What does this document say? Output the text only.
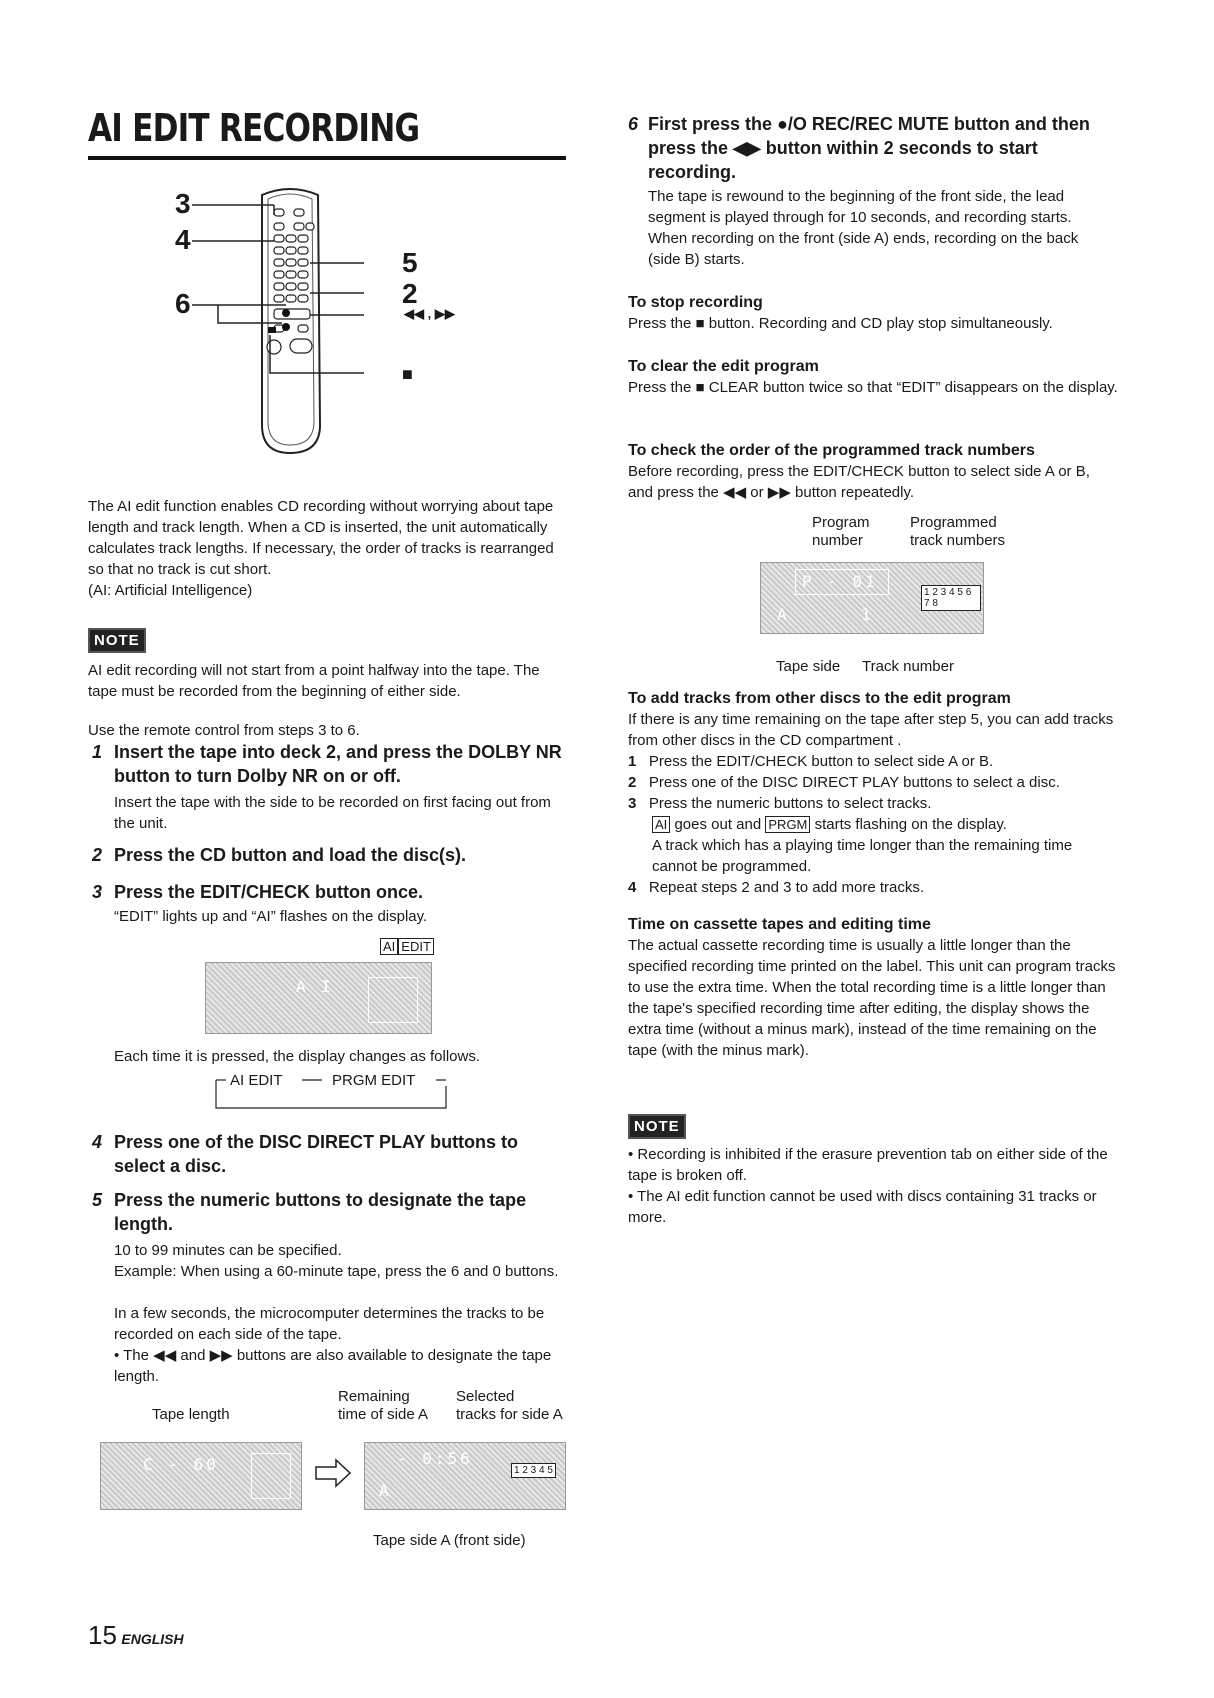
AI EDIT RECORDING
3
4
5
6	2
◀◀ , ▶▶
■
The AI edit function enables CD recording without worrying about tape length and track length. When a CD is inserted, the unit automatically calculates track lengths. If necessary, the order of tracks is rearranged so that no track is cut short.
(AI: Artificial Intelligence)
NOTE
AI edit recording will not start from a point halfway into the tape. The tape must be recorded from the beginning of either side.
Use the remote control from steps 3 to 6.
1 Insert the tape into deck 2, and press the DOLBY NR button to turn Dolby NR on or off.
Insert the tape with the side to be recorded on first facing out from the unit.
2 Press the CD button and load the disc(s).
3 Press the EDIT/CHECK button once.
“EDIT” lights up and “AI” flashes on the display.
AI EDIT
A I
Each time it is pressed, the display changes as follows.
AI EDIT	PRGM EDIT
4 Press one of the DISC DIRECT PLAY buttons to select a disc.
5 Press the numeric buttons to designate the tape length.
10 to 99 minutes can be specified.
Example: When using a 60-minute tape, press the 6 and 0 buttons.
In a few seconds, the microcomputer determines the tracks to be recorded on each side of the tape.
• The ◀◀ and ▶▶ buttons are also available to designate the tape length.
Tape length
Remaining
time of side A
Selected
tracks for side A
C - 60	- 0:56
A
1 2 3 4 5
Tape side A (front side)
6 First press the ●/O REC/REC MUTE button and then press the ◀▶ button within 2 seconds to start recording.
The tape is rewound to the beginning of the front side, the lead segment is played through for 10 seconds, and recording starts. When recording on the front (side A) ends, recording on the back (side B) starts.
To stop recording
Press the ■ button. Recording and CD play stop simultaneously.
To clear the edit program
Press the ■ CLEAR button twice so that “EDIT” disappears on the display.
To check the order of the programmed track numbers
Before recording, press the EDIT/CHECK button to select side A or B, and press the ◀◀ or ▶▶ button repeatedly.
Program
number
Programmed
track numbers
P - 01
A	1
1 2 3 4 5 6 7 8
Tape side Track number
To add tracks from other discs to the edit program
If there is any time remaining on the tape after step 5, you can add tracks from other discs in the CD compartment .
1 Press the EDIT/CHECK button to select side A or B.
2 Press one of the DISC DIRECT PLAY buttons to select a disc.
3 Press the numeric buttons to select tracks.
AI goes out and PRGM starts flashing on the display.
A track which has a playing time longer than the remaining time cannot be programmed.
4 Repeat steps 2 and 3 to add more tracks.
Time on cassette tapes and editing time
The actual cassette recording time is usually a little longer than the specified recording time printed on the label. This unit can program tracks to use the extra time. When the total recording time is a little longer than the tape's specified recording time after editing, the display shows the extra time (without a minus mark), instead of the time remaining on the tape (with the minus mark).
NOTE
• Recording is inhibited if the erasure prevention tab on either side of the tape is broken off.
• The AI edit function cannot be used with discs containing 31 tracks or more.
15 ENGLISH
